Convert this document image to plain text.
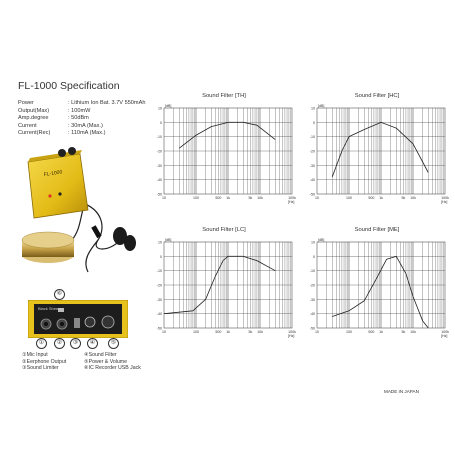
FL-1000 Specification
Power	: Lithium Ion Bat. 3.7V 550mAh
Output(Max)	: 100mW
Amp.degree	: 50dBm
Current	: 30mA (Max.)
Current(Rec)	: 110mA (Max.)
FL-1000
Black Sheep
⑥
①	②	③	④	⑤
①Mic Input	④Sound Filter
②Eerphone Output	⑤Power & Volume
③Sound Limiter	⑥IC Recorder USB Jack
MADE IN JAPAN
Sound Filter [TH]
10
0
-10
-20
-30
-40
-50
10	100	500 1k	5k 10k	100k
[dB]
[Hz]
Sound Filter [HC]
10
0
-10
-20
-30
-40
-50
10	100	500 1k	5k 10k	100k
[dB]
[Hz]
Sound Filter [LC]
10
0
-10
-20
-30
-40
-50
10	100	500 1k	5k 10k	100k
[dB]
[Hz]
Sound Filter [ME]
10
0
-10
-20
-30
-40
-50
10	100	500 1k	5k 10k	100k
[dB]
[Hz]
